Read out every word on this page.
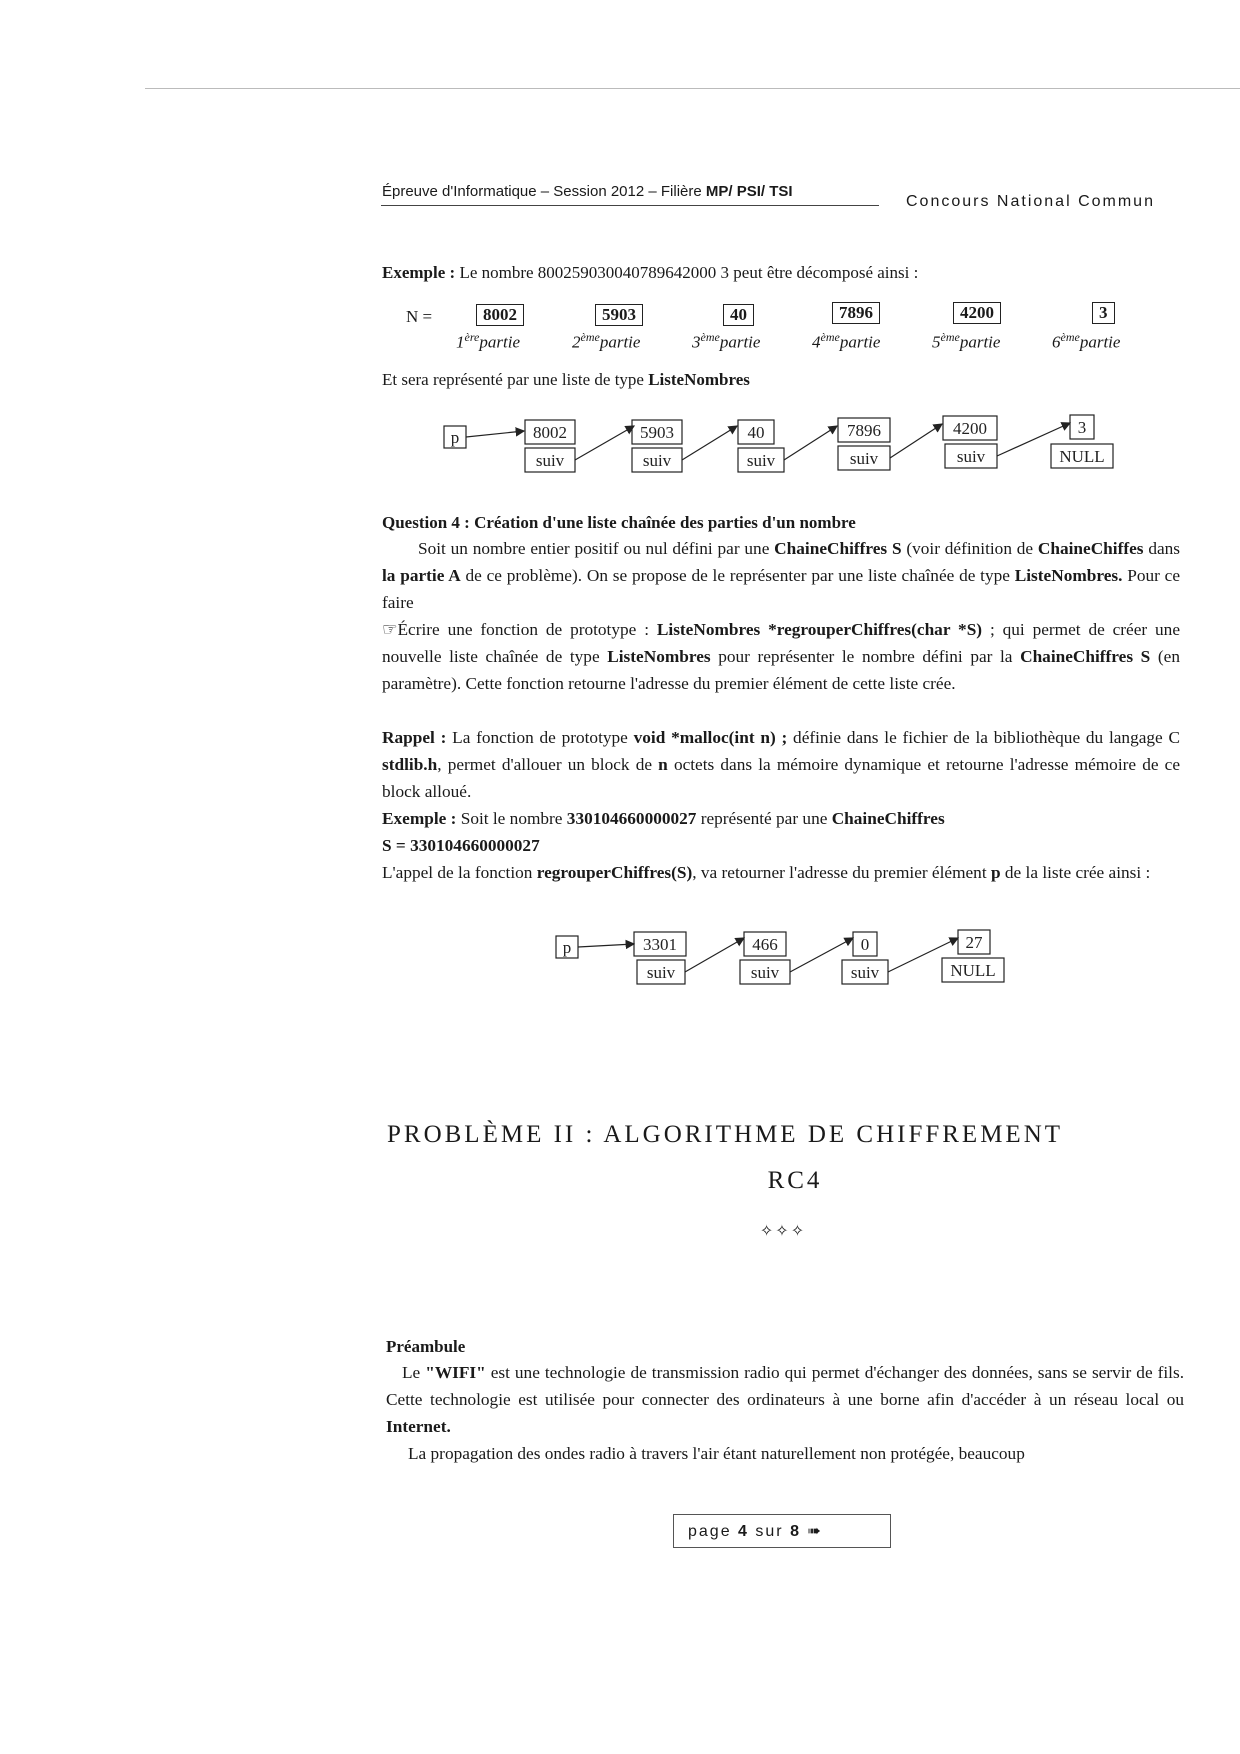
Épreuve d'Informatique – Session 2012 – Filière MP/ PSI/ TSI
Concours National Commun
Exemple : Le nombre 800259030040789642000 3 peut être décomposé ainsi :
N =	8002	5903	40	7896	4200	3
1èrepartie	2èmepartie	3èmepartie	4èmepartie	5èmepartie	6èmepartie
Et sera représenté par une liste de type ListeNombres
p	8002
suiv
5903
suiv
40
suiv
7896
suiv
4200
suiv
3
NULL
Question 4 : Création d'une liste chaînée des parties d'un nombre
Soit un nombre entier positif ou nul défini par une ChaineChiffres S (voir définition de ChaineChiffes dans la partie A de ce problème). On se propose de le représenter par une liste chaînée de type ListeNombres. Pour ce faire
☞Écrire une fonction de prototype : ListeNombres *regrouperChiffres(char *S) ; qui permet de créer une nouvelle liste chaînée de type ListeNombres pour représenter le nombre défini par la ChaineChiffres S (en paramètre). Cette fonction retourne l'adresse du premier élément de cette liste crée.
Rappel : La fonction de prototype void *malloc(int n) ; définie dans le fichier de la bibliothèque du langage C stdlib.h, permet d'allouer un block de n octets dans la mémoire dynamique et retourne l'adresse mémoire de ce block alloué.
Exemple : Soit le nombre 330104660000027 représenté par une ChaineChiffres
S = 330104660000027
L'appel de la fonction regrouperChiffres(S), va retourner l'adresse du premier élément p de la liste crée ainsi :
p	3301
suiv
466
suiv
0
suiv
27
NULL
PROBLÈME II : ALGORITHME DE CHIFFREMENT
RC4
✧✧✧
Préambule
Le "WIFI" est une technologie de transmission radio qui permet d'échanger des données, sans se servir de fils. Cette technologie est utilisée pour connecter des ordinateurs à une borne afin d'accéder à un réseau local ou Internet.
La propagation des ondes radio à travers l'air étant naturellement non protégée, beaucoup
page 4 sur 8 ➠
